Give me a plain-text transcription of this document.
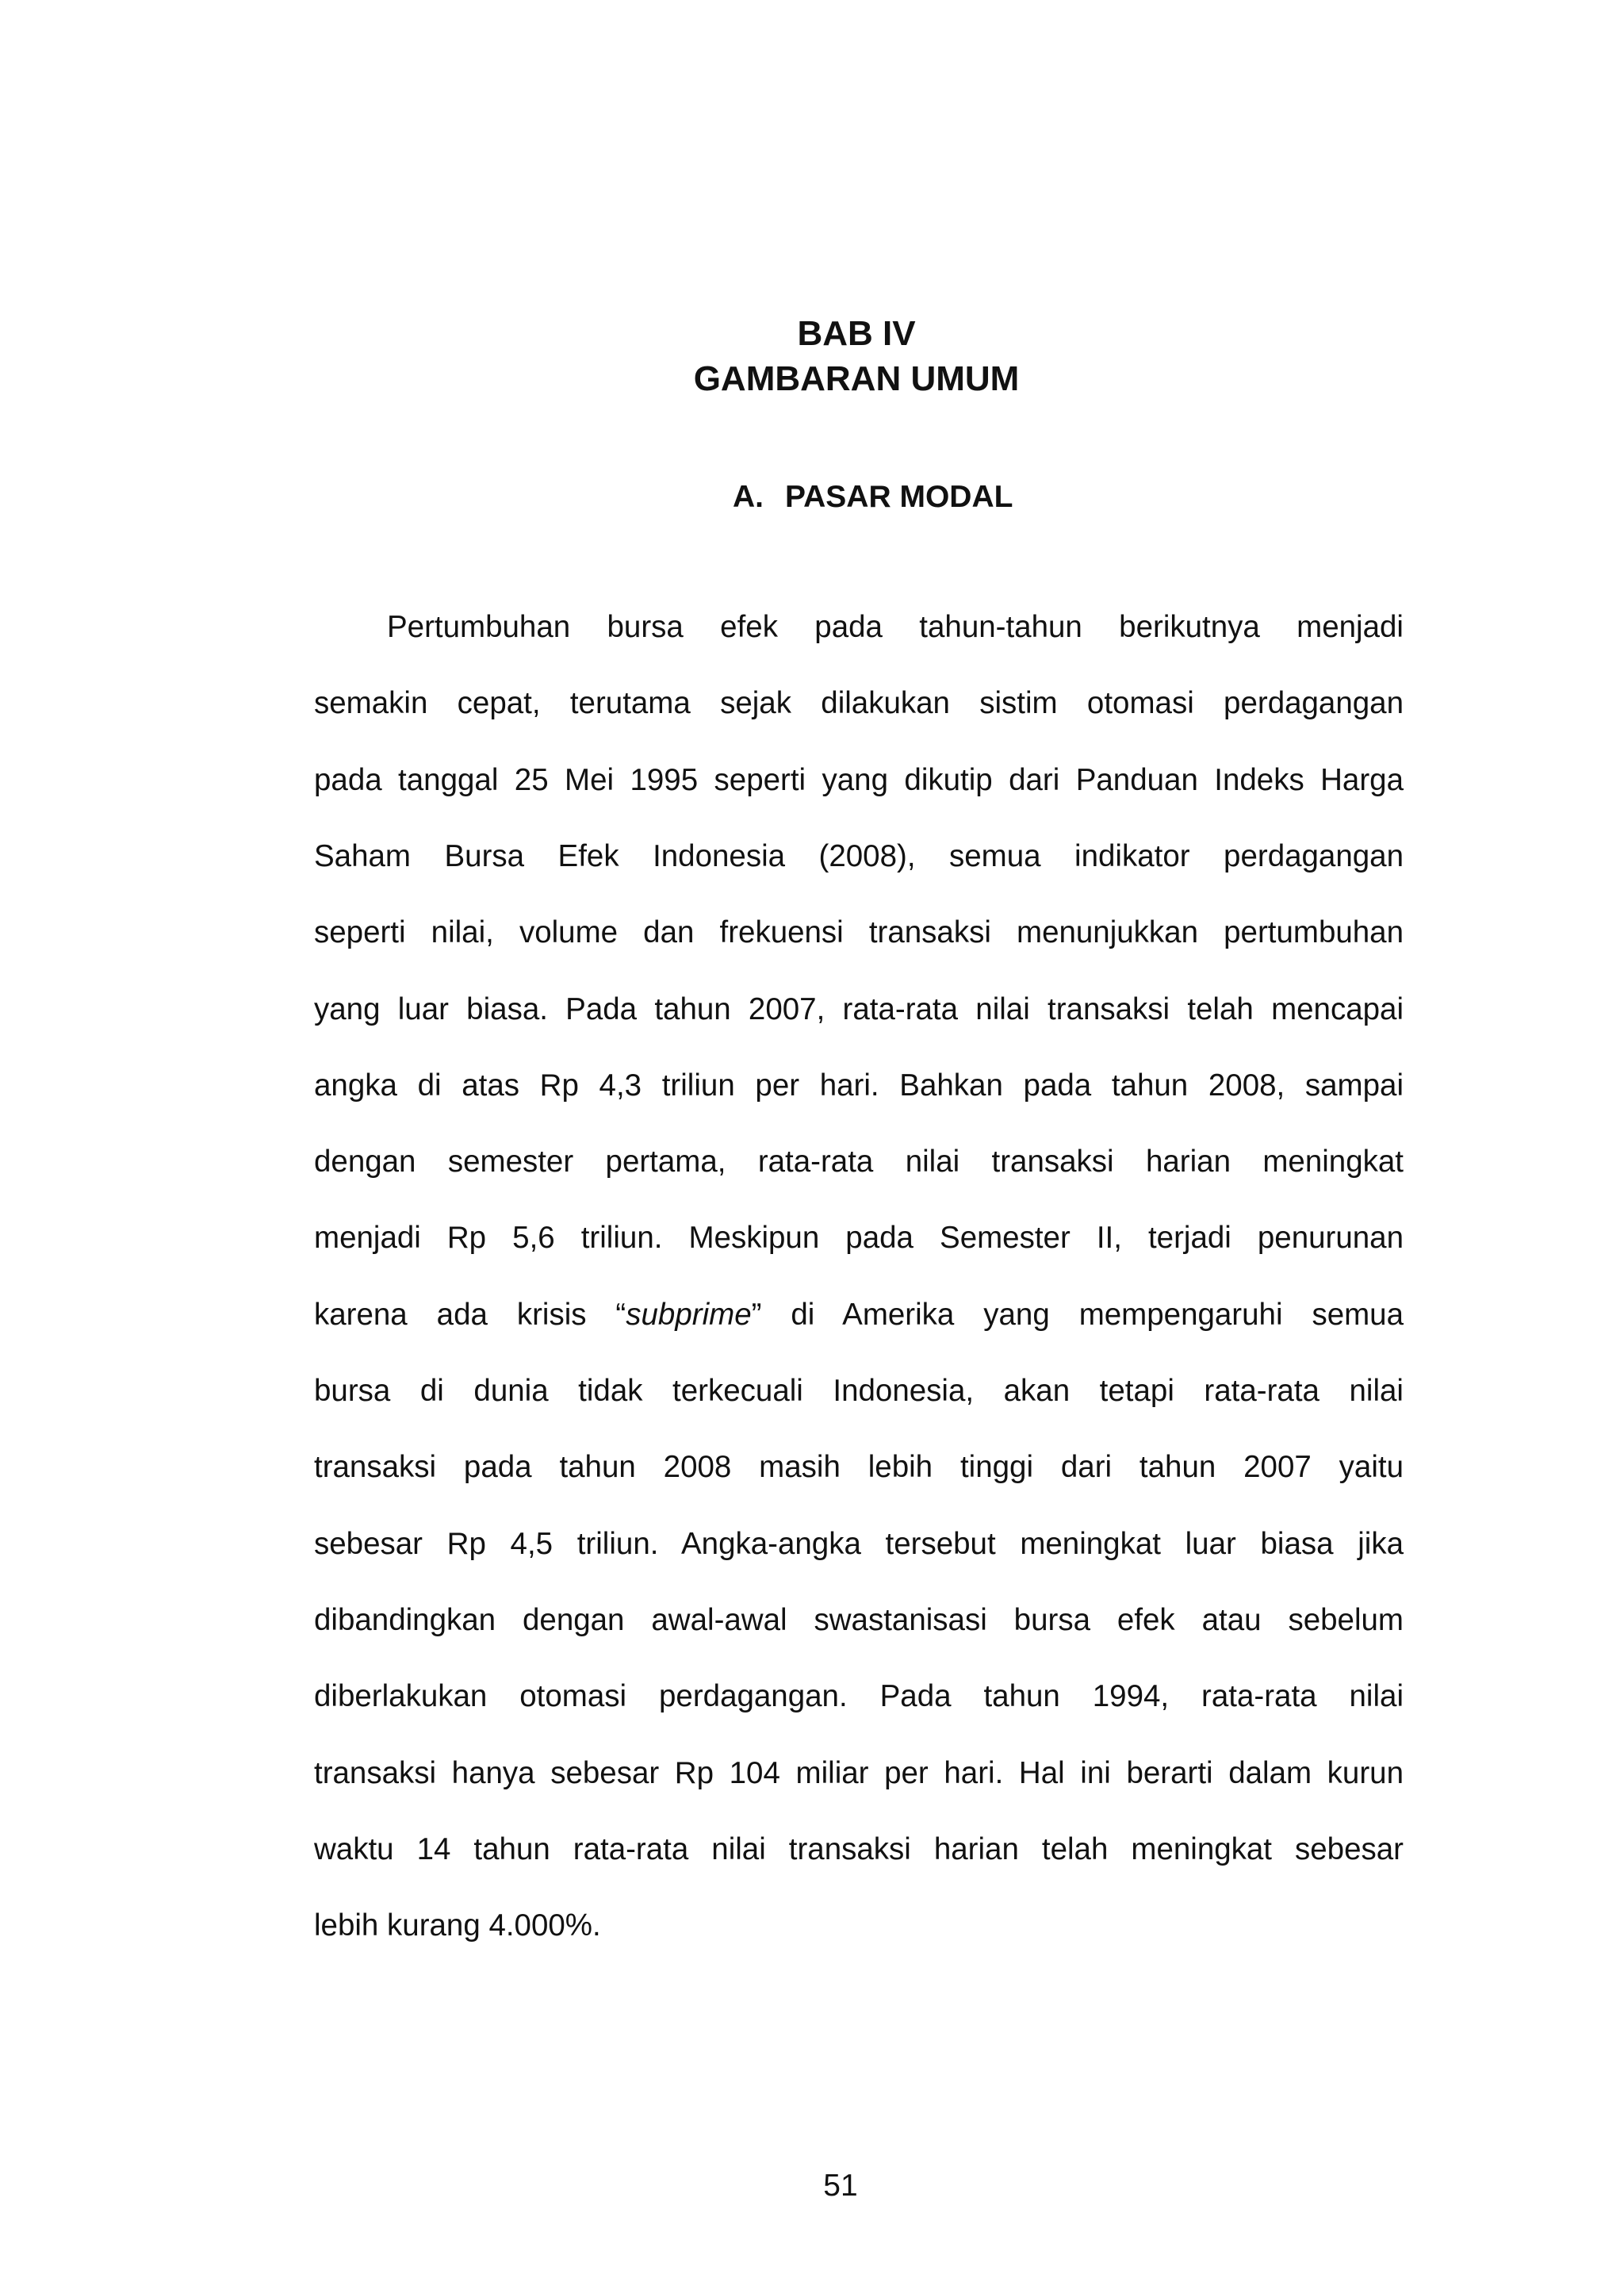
BAB IV
GAMBARAN UMUM
A. PASAR MODAL
Pertumbuhan bursa efek pada tahun-tahun berikutnya menjadi
semakin cepat, terutama sejak dilakukan sistim otomasi perdagangan
pada tanggal 25 Mei 1995 seperti yang dikutip dari Panduan Indeks Harga
Saham Bursa Efek Indonesia (2008), semua indikator perdagangan
seperti nilai, volume dan frekuensi transaksi menunjukkan pertumbuhan
yang luar biasa. Pada tahun 2007, rata-rata nilai transaksi telah mencapai
angka di atas Rp 4,3 triliun per hari. Bahkan pada tahun 2008, sampai
dengan semester pertama, rata-rata nilai transaksi harian meningkat
menjadi Rp 5,6 triliun. Meskipun pada Semester II, terjadi penurunan
karena ada krisis “subprime” di Amerika yang mempengaruhi semua
bursa di dunia tidak terkecuali Indonesia, akan tetapi rata-rata nilai
transaksi pada tahun 2008 masih lebih tinggi dari tahun 2007 yaitu
sebesar Rp 4,5 triliun. Angka-angka tersebut meningkat luar biasa jika
dibandingkan dengan awal-awal swastanisasi bursa efek atau sebelum
diberlakukan otomasi perdagangan. Pada tahun 1994, rata-rata nilai
transaksi hanya sebesar Rp 104 miliar per hari. Hal ini berarti dalam kurun
waktu 14 tahun rata-rata nilai transaksi harian telah meningkat sebesar
lebih kurang 4.000%.
51
